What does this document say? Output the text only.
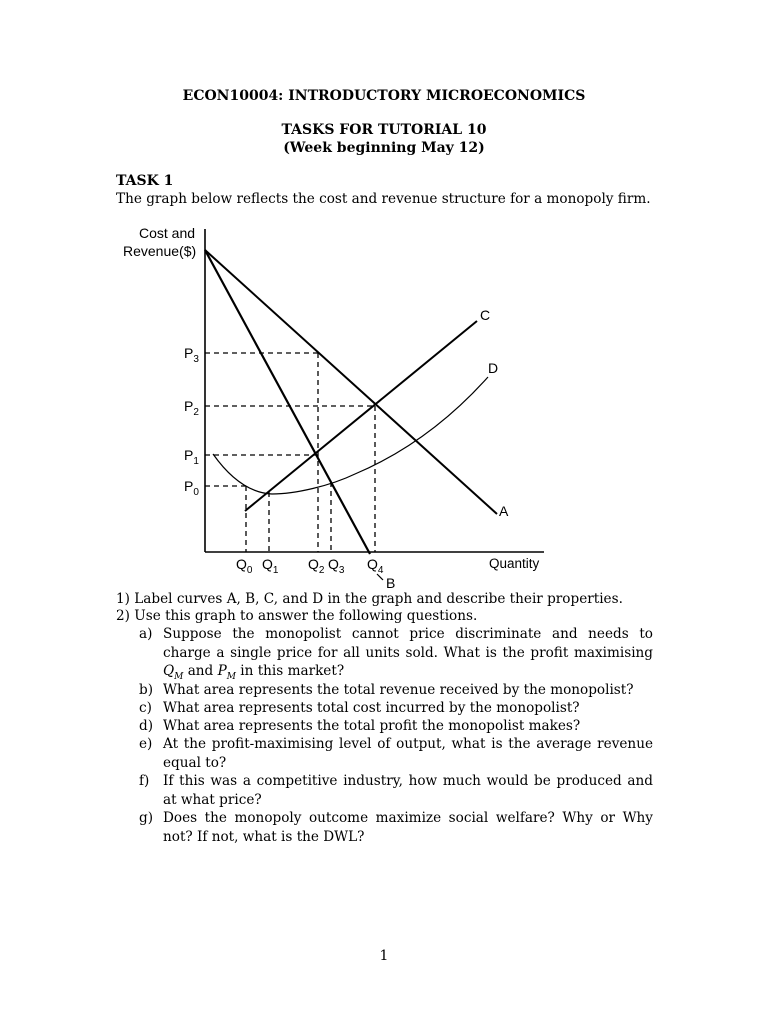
ECON10004: INTRODUCTORY MICROECONOMICS
TASKS FOR TUTORIAL 10
(Week beginning May 12)
TASK 1
The graph below reflects the cost and revenue structure for a monopoly firm.
Cost and
Revenue($)
Quantity
A
B
C
D
$P_3$
$P_2$
$P_1$
$P_0$
$Q_0$ $Q_1$ $Q_2$ $Q_3$ $Q_4$
1) Label curves A, B, C, and D in the graph and describe their properties.
2) Use this graph to answer the following questions.
a) Suppose the monopolist cannot price discriminate and needs to charge a single price for all units sold. What is the profit maximising $Q_M$ and $P_M$ in this market?
b) What area represents the total revenue received by the monopolist?
c) What area represents total cost incurred by the monopolist?
d) What area represents the total profit the monopolist makes?
e) At the profit-maximising level of output, what is the average revenue equal to?
f) If this was a competitive industry, how much would be produced and at what price?
g) Does the monopoly outcome maximize social welfare? Why or Why not? If not, what is the DWL?
1
